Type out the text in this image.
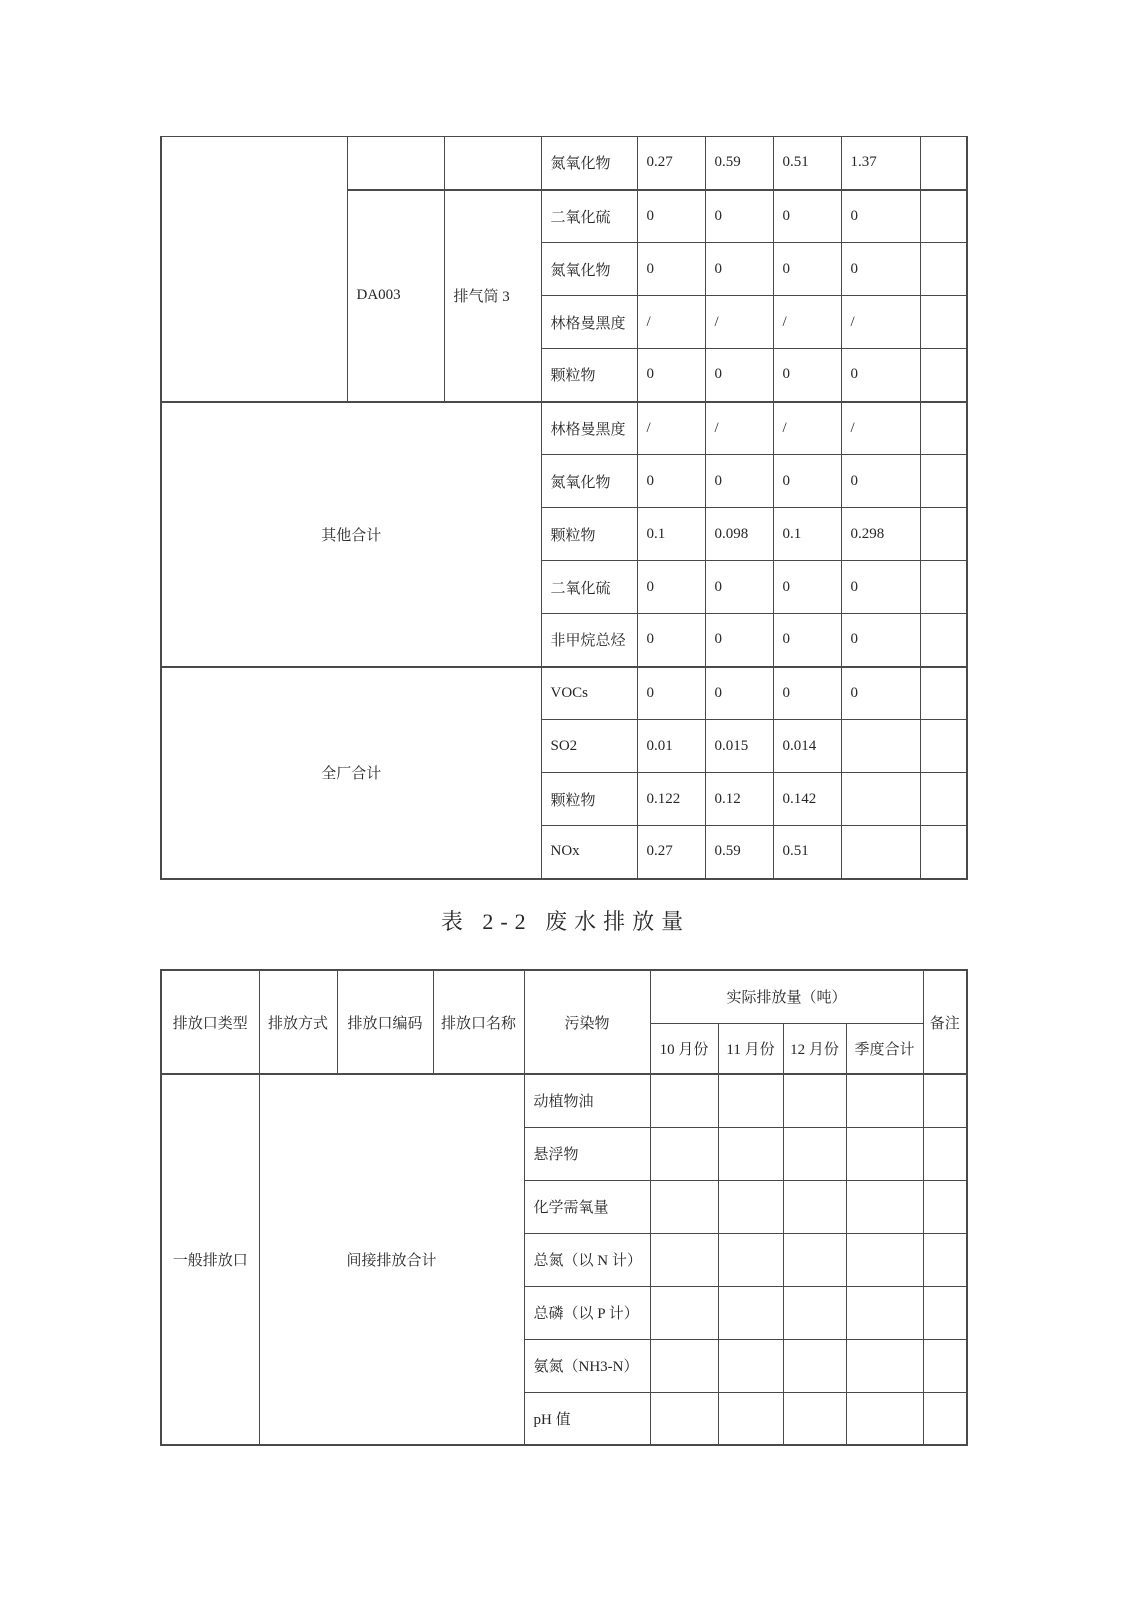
			氮氧化物	0.27	0.59	0.51	1.37	
	DA003	排气筒 3	二氧化硫	0	0	0	0	
			氮氧化物	0	0	0	0	
			林格曼黑度	/	/	/	/	
			颗粒物	0	0	0	0	
其他合计			林格曼黑度	/	/	/	/	
			氮氧化物	0	0	0	0	
			颗粒物	0.1	0.098	0.1	0.298	
			二氧化硫	0	0	0	0	
			非甲烷总烃	0	0	0	0	
全厂合计			VOCs	0	0	0	0	
			SO2	0.01	0.015	0.014		
			颗粒物	0.122	0.12	0.142		
			NOx	0.27	0.59	0.51		
表 2-2 废水排放量
排放口类型	排放方式	排放口编码	排放口名称	污染物	实际排放量（吨）				备注
					10 月份	11 月份	12 月份	季度合计	
一般排放口	间接排放合计			动植物油					
				悬浮物					
				化学需氧量					
				总氮（以 N 计）					
				总磷（以 P 计）					
				氨氮（NH3-N）					
				pH 值					
